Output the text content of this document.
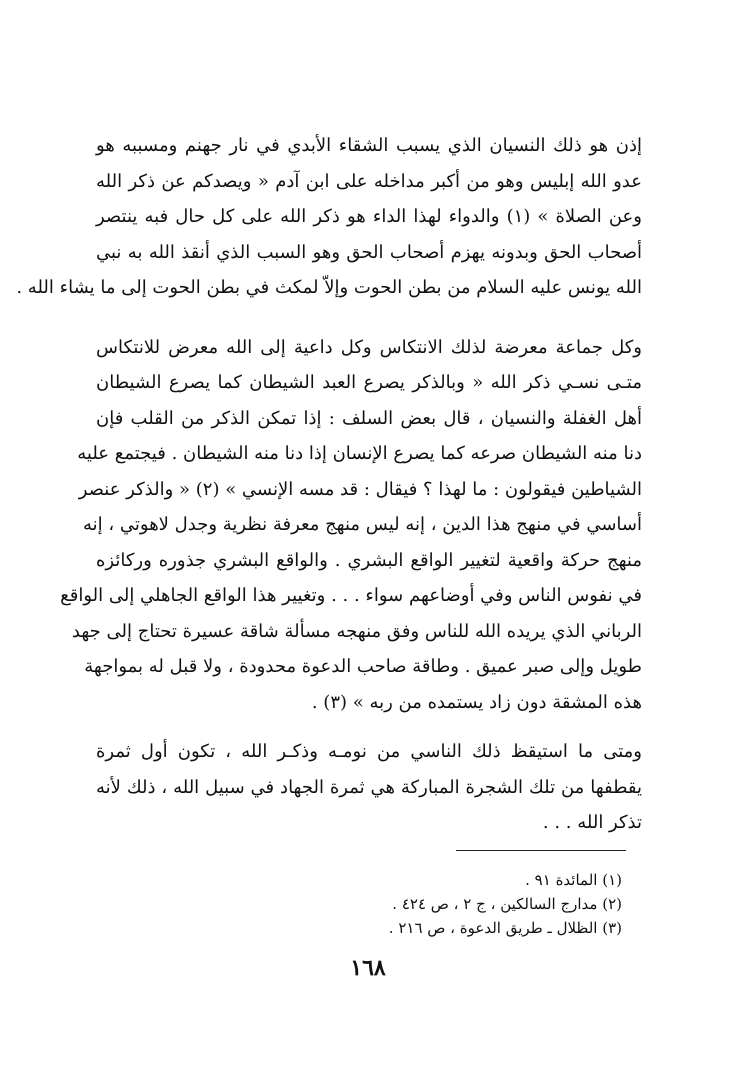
إذن هو ذلك النسيان الذي يسبب الشقاء الأبدي في نار جهنم ومسببه هو
عدو الله إبليس وهو من أكبر مداخله على ابن آدم « ويصدكم عن ذكر الله
وعن الصلاة » (١) والدواء لهذا الداء هو ذكر الله على كل حال فبه ينتصر
أصحاب الحق وبدونه يهزم أصحاب الحق وهو السبب الذي أنقذ الله به نبي
الله يونس عليه السلام من بطن الحوت وإلاّ لمكث في بطن الحوت إلى ما يشاء الله .
وكل جماعة معرضة لذلك الانتكاس وكل داعية إلى الله معرض للانتكاس
متـى نسـي ذكر الله « وبالذكر يصرع العبد الشيطان كما يصرع الشيطان
أهل الغفلة والنسيان ، قال بعض السلف : إذا تمكن الذكر من القلب فإن
دنا منه الشيطان صرعه كما يصرع الإنسان إذا دنا منه الشيطان . فيجتمع عليه
الشياطين فيقولون : ما لهذا ؟ فيقال : قد مسه الإنسي » (٢) « والذكر عنصر
أساسي في منهج هذا الدين ، إنه ليس منهج معرفة نظرية وجدل لاهوتي ، إنه
منهج حركة واقعية لتغيير الواقع البشري . والواقع البشري جذوره وركائزه
في نفوس الناس وفي أوضاعهم سواء . . . وتغيير هذا الواقع الجاهلي إلى الواقع
الرباني الذي يريده الله للناس وفق منهجه مسألة شاقة عسيرة تحتاج إلى جهد
طويل وإلى صبر عميق . وطاقة صاحب الدعوة محدودة ، ولا قبل له بمواجهة
هذه المشقة دون زاد يستمده من ربه » (٣) .
ومتى ما استيقظ ذلك الناسي من نومـه وذكـر الله ، تكون أول ثمرة
يقطفها من تلك الشجرة المباركة هي ثمرة الجهاد في سبيل الله ، ذلك لأنه
تذكر الله . . .
(١) المائدة ٩١ .
(٢) مدارج السالكين ، ج ٢ ، ص ٤٢٤ .
(٣) الظلال ـ طريق الدعوة ، ص ٢١٦ .
١٦٨
